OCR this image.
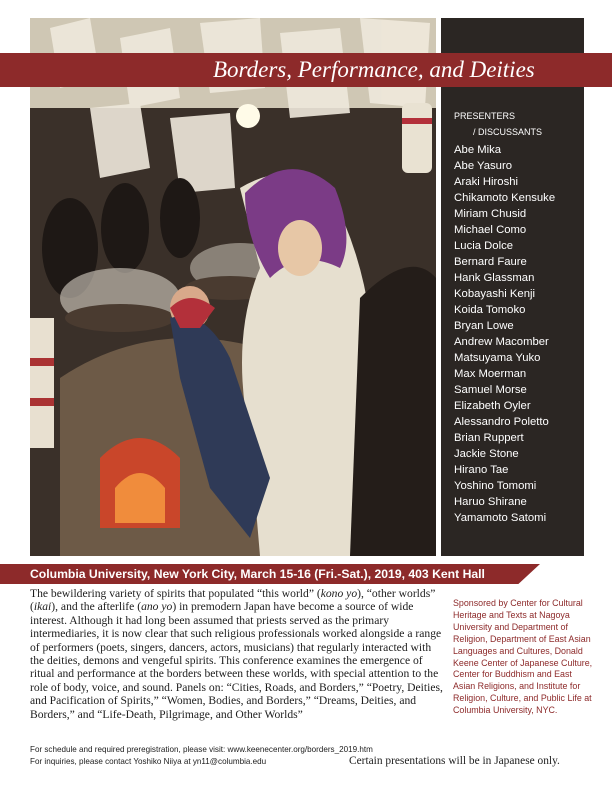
Borders, Performance, and Deities
PRESENTERS
/ DISCUSSANTS
Abe Mika
Abe Yasuro
Araki Hiroshi
Chikamoto Kensuke
Miriam Chusid
Michael Como
Lucia Dolce
Bernard Faure
Hank Glassman
Kobayashi Kenji
Koida Tomoko
Bryan Lowe
Andrew Macomber
Matsuyama Yuko
Max Moerman
Samuel Morse
Elizabeth Oyler
Alessandro Poletto
Brian Ruppert
Jackie Stone
Hirano Tae
Yoshino Tomomi
Haruo Shirane
Yamamoto Satomi
Columbia University, New York City, March 15-16 (Fri.-Sat.), 2019, 403 Kent Hall

The bewildering variety of spirits that populated “this world” (kono yo), “other worlds” (ikai), and the afterlife (ano yo) in premodern Japan have become a source of wide interest. Although it had long been assumed that priests served as the primary intermediaries, it is now clear that such religious professionals worked alongside a range of performers (poets, singers, dancers, actors, musicians) that regularly interacted with the deities, demons and vengeful spirits. This conference examines the emergence of ritual and performance at the borders between these worlds, with special attention to the role of body, voice, and sound. Panels on: “Cities, Roads, and Borders,” “Poetry, Deities, and Pacification of Spirits,” “Women, Bodies, and Borders,” “Dreams, Deities, and Borders,” and “Life-Death, Pilgrimage, and Other Worlds”

Sponsored by Center for Cultural Heritage and Texts at Nagoya University and Department of Religion, Department of East Asian Languages and Cultures, Donald Keene Center of Japanese Culture, Center for Buddhism and East Asian Religions, and Institute for Religion, Culture, and Public Life at Columbia University, NYC.

For schedule and required preregistration, please visit: www.keenecenter.org/borders_2019.htm
For inquiries, please contact Yoshiko Niiya at yn11@columbia.edu	Certain presentations will be in Japanese only.
